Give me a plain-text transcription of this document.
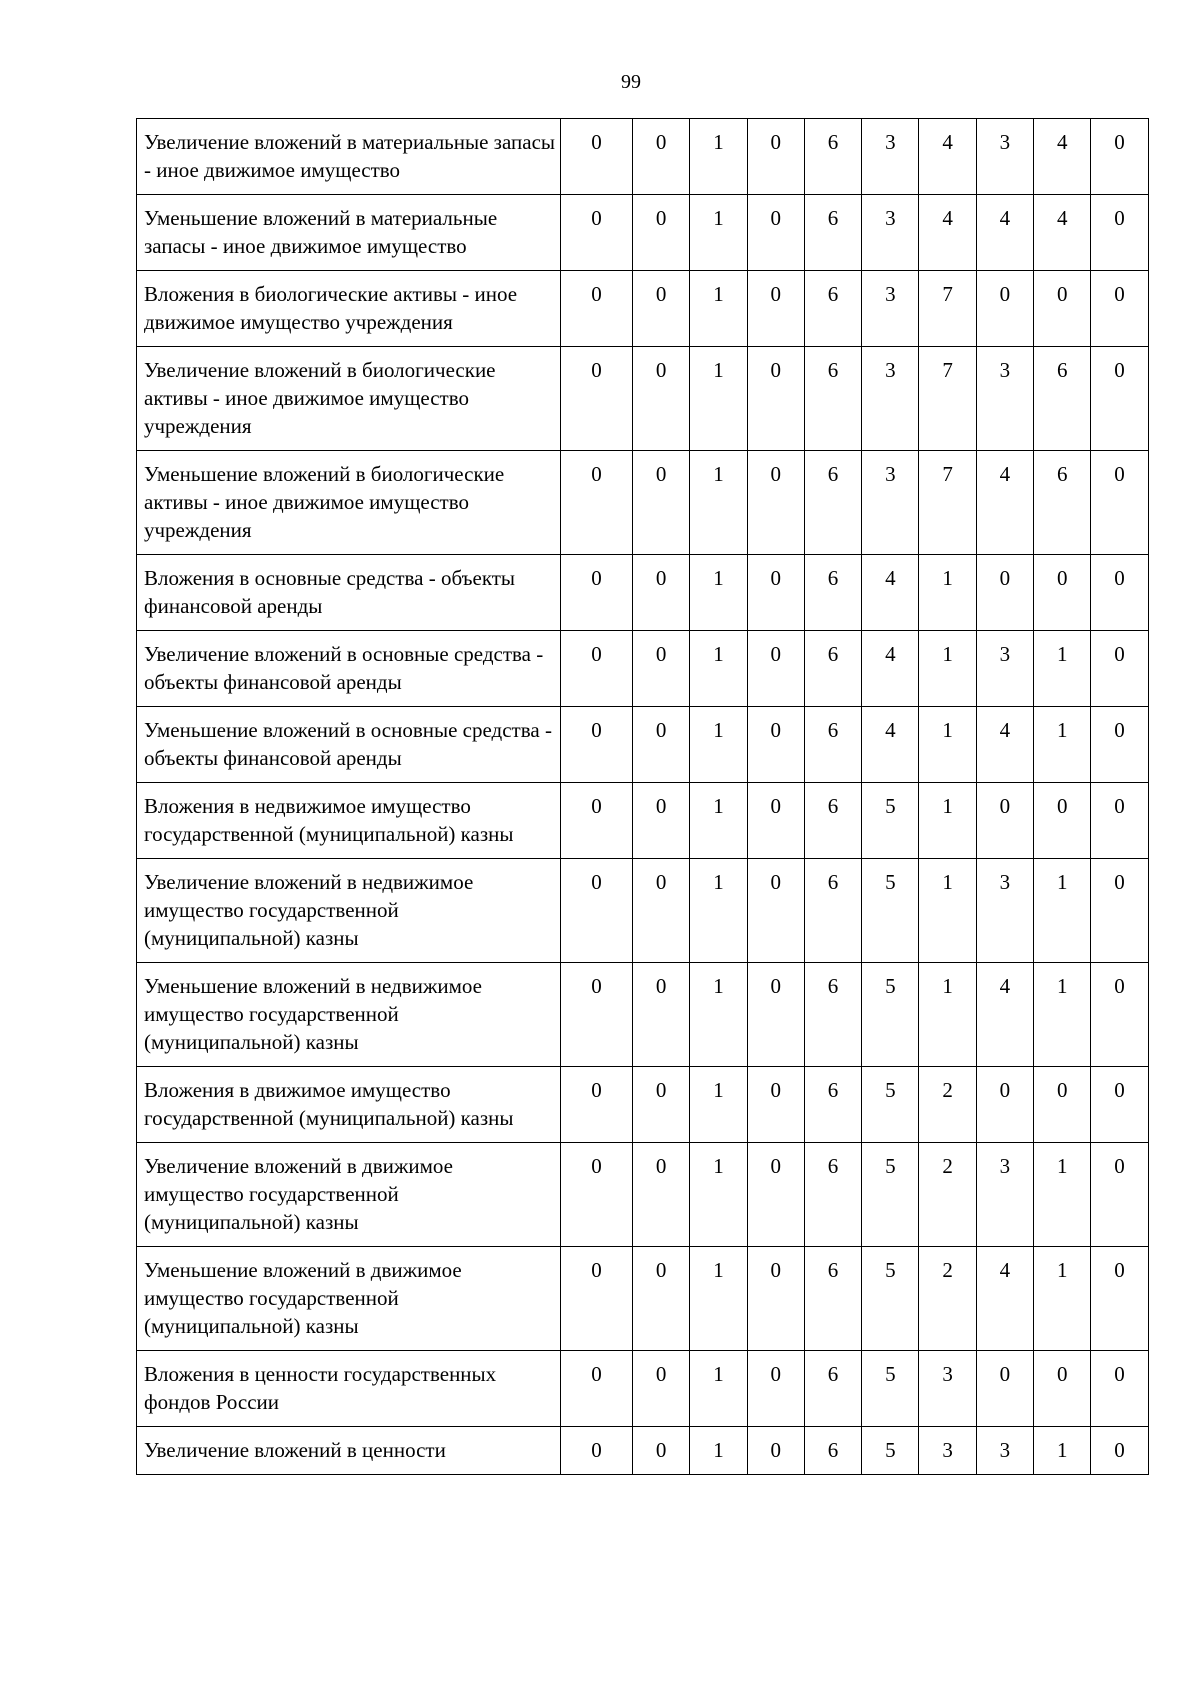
99
Увеличение вложений в материальные запасы - иное движимое имущество	0	0	1	0	6	3	4	3	4	0
Уменьшение вложений в материальные запасы - иное движимое имущество	0	0	1	0	6	3	4	4	4	0
Вложения в биологические активы - иное движимое имущество учреждения	0	0	1	0	6	3	7	0	0	0
Увеличение вложений в биологические активы - иное движимое имущество учреждения	0	0	1	0	6	3	7	3	6	0
Уменьшение вложений в биологические активы - иное движимое имущество учреждения	0	0	1	0	6	3	7	4	6	0
Вложения в основные средства - объекты финансовой аренды	0	0	1	0	6	4	1	0	0	0
Увеличение вложений в основные средства - объекты финансовой аренды	0	0	1	0	6	4	1	3	1	0
Уменьшение вложений в основные средства - объекты финансовой аренды	0	0	1	0	6	4	1	4	1	0
Вложения в недвижимое имущество государственной (муниципальной) казны	0	0	1	0	6	5	1	0	0	0
Увеличение вложений в недвижимое имущество государственной (муниципальной) казны	0	0	1	0	6	5	1	3	1	0
Уменьшение вложений в недвижимое имущество государственной (муниципальной) казны	0	0	1	0	6	5	1	4	1	0
Вложения в движимое имущество государственной (муниципальной) казны	0	0	1	0	6	5	2	0	0	0
Увеличение вложений в движимое имущество государственной (муниципальной) казны	0	0	1	0	6	5	2	3	1	0
Уменьшение вложений в движимое имущество государственной (муниципальной) казны	0	0	1	0	6	5	2	4	1	0
Вложения в ценности государственных фондов России	0	0	1	0	6	5	3	0	0	0
Увеличение вложений в ценности	0	0	1	0	6	5	3	3	1	0
